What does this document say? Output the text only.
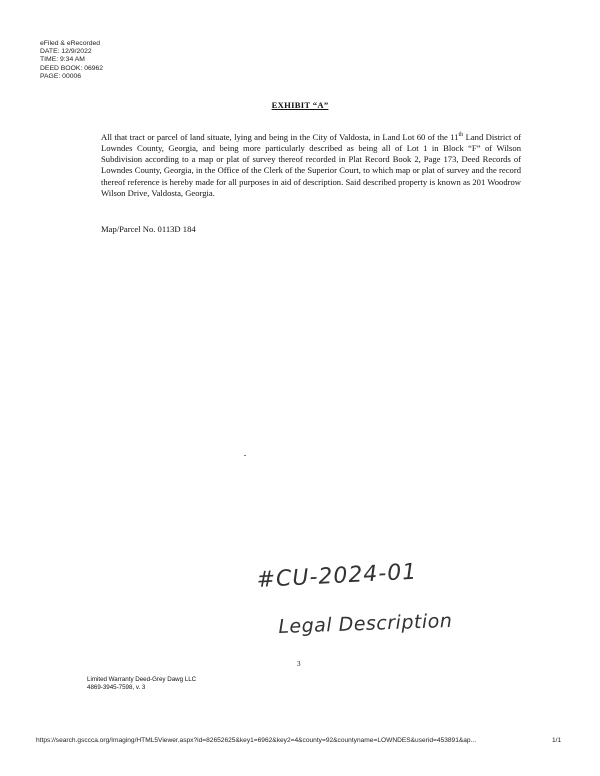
eFiled & eRecorded
DATE: 12/9/2022
TIME: 9:34 AM
DEED BOOK: 06962
PAGE: 00006
EXHIBIT “A”
All that tract or parcel of land situate, lying and being in the City of Valdosta, in Land Lot 60 of the 11th Land District of Lowndes County, Georgia, and being more particularly described as being all of Lot 1 in Block “F” of Wilson Subdivision according to a map or plat of survey thereof recorded in Plat Record Book 2, Page 173, Deed Records of Lowndes County, Georgia, in the Office of the Clerk of the Superior Court, to which map or plat of survey and the record thereof reference is hereby made for all purposes in aid of description. Said described property is known as 201 Woodrow Wilson Drive, Valdosta, Georgia.
Map/Parcel No. 0113D 184
#CU-2024-01
Legal Description
3
Limited Warranty Deed-Grey Dawg LLC
4869-3945-7598, v. 3
https://search.gsccca.org/Imaging/HTML5Viewer.aspx?id=82652625&key1=6962&key2=4&county=92&countyname=LOWNDES&userid=453891&ap...	1/1
